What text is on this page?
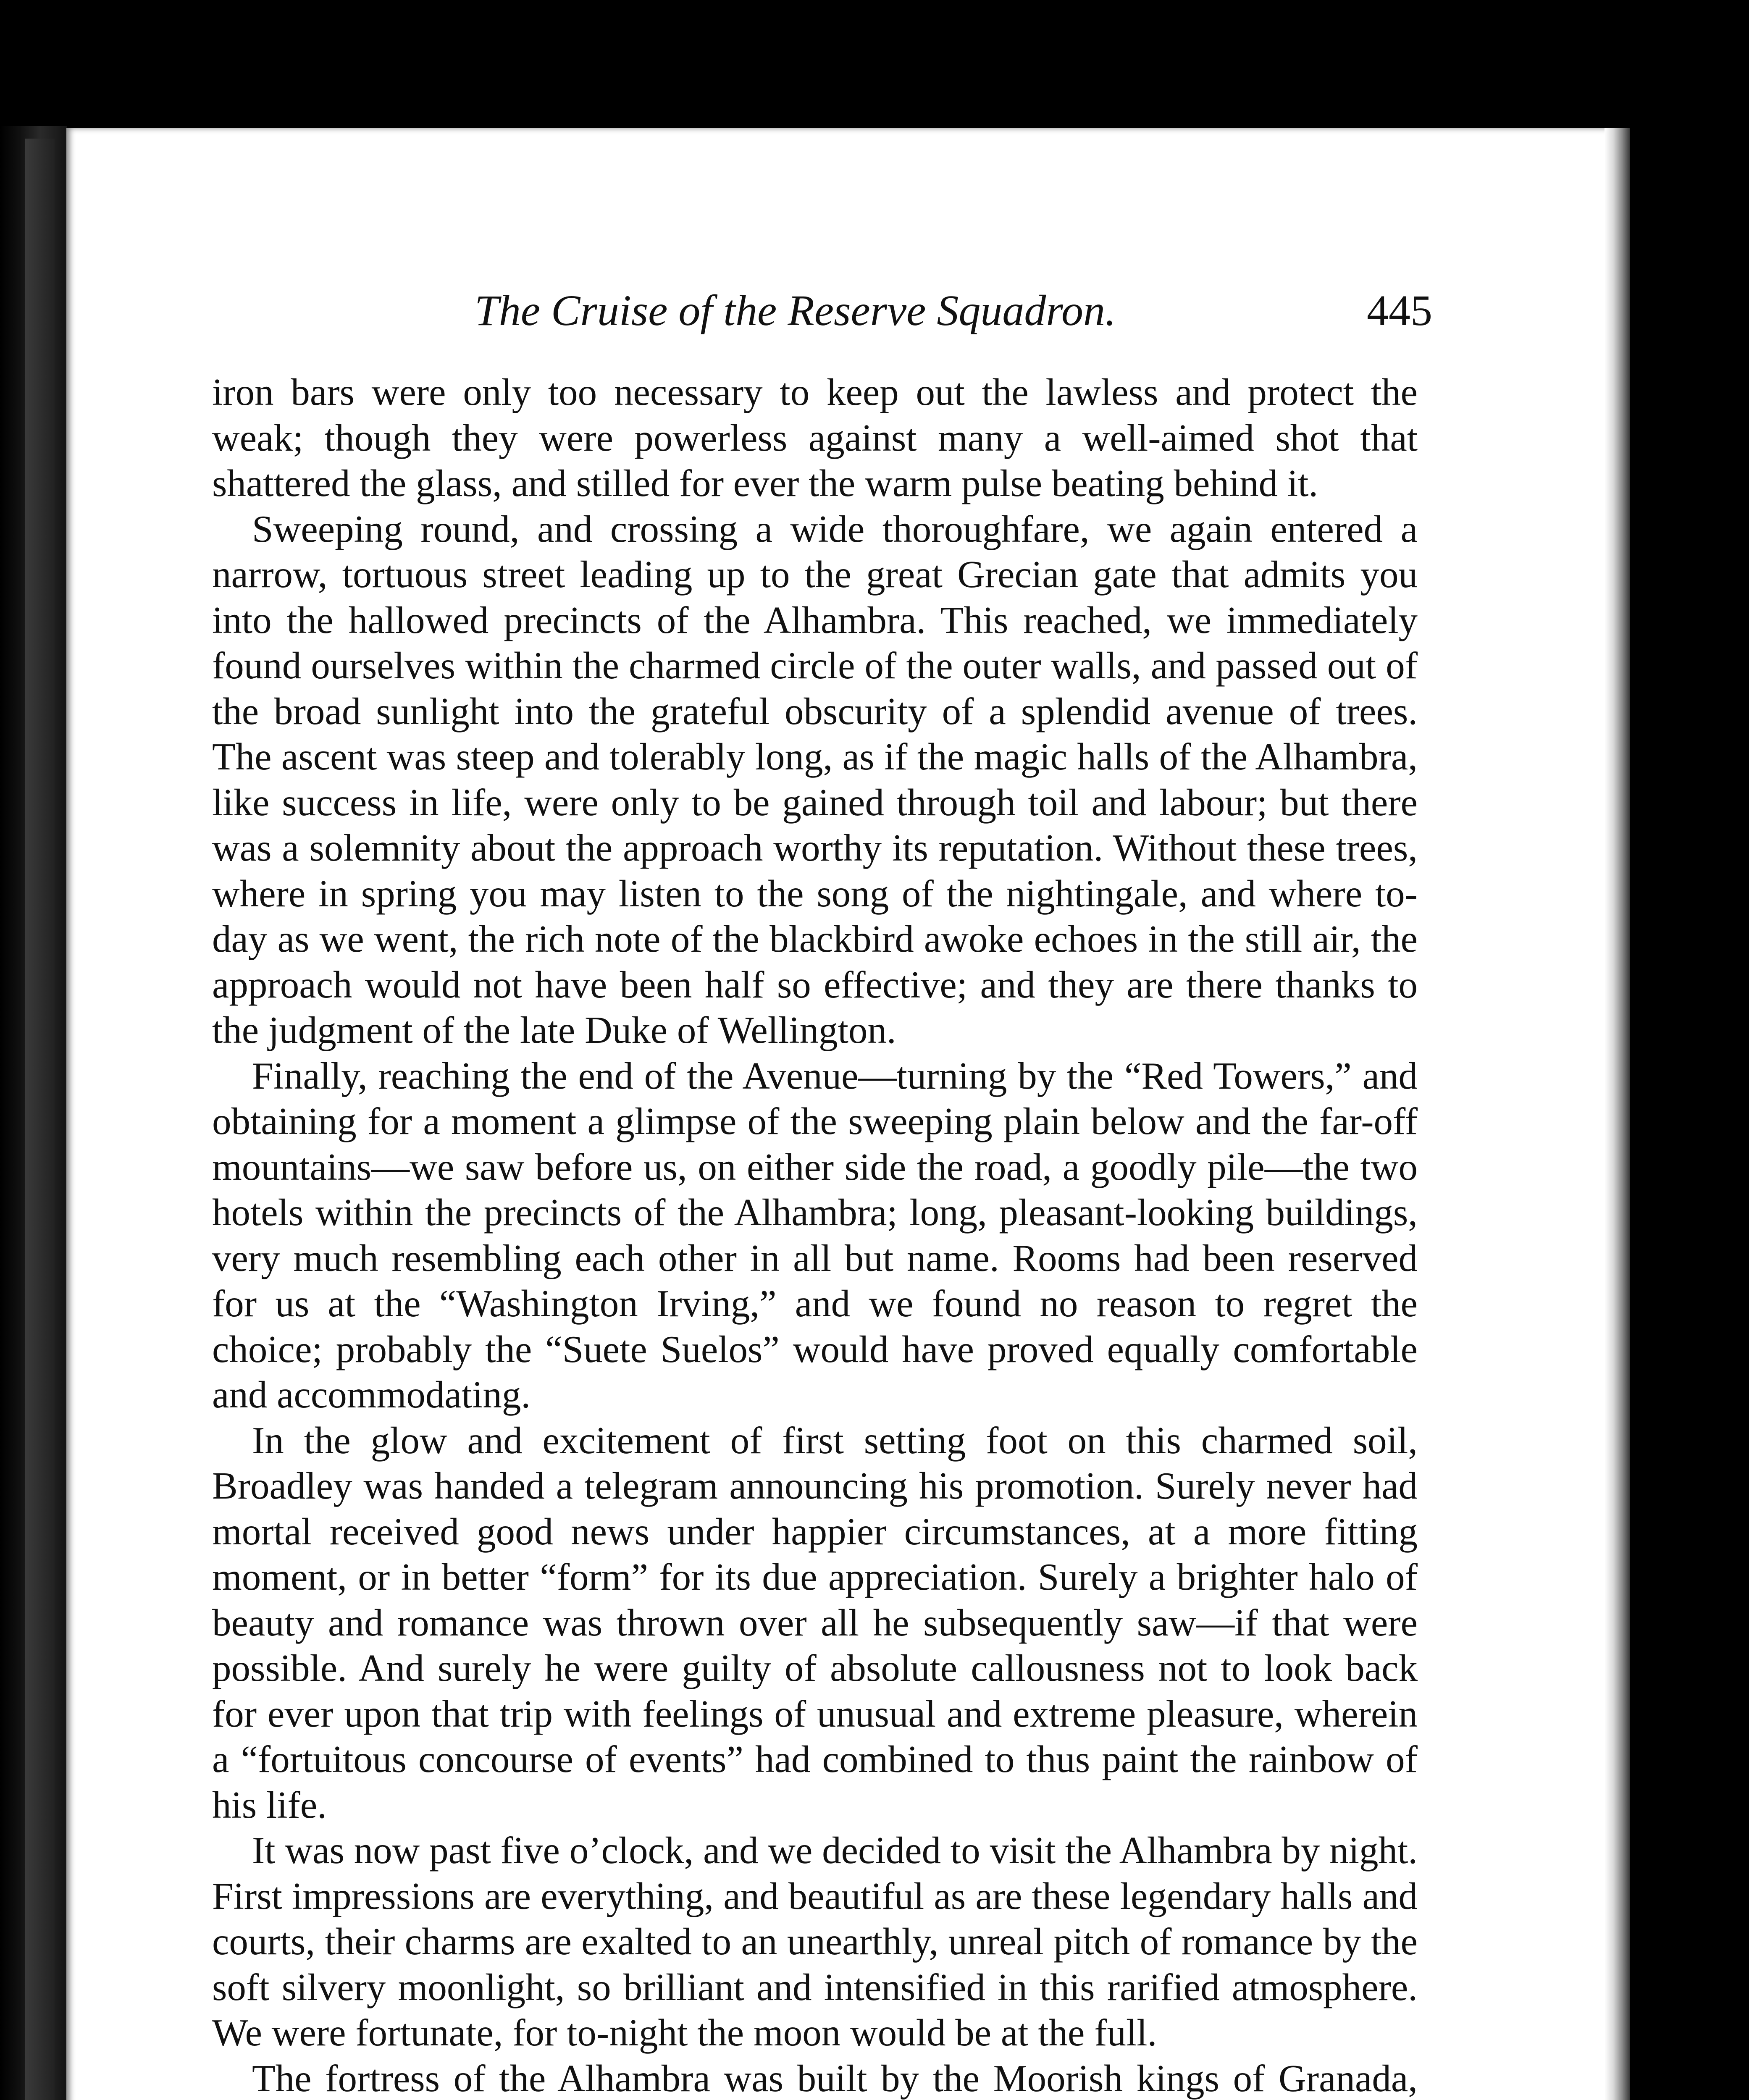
The Cruise of the Reserve Squadron.	445

iron bars were only too necessary to keep out the lawless and protect the weak; though they were powerless against many a well-aimed shot that shattered the glass, and stilled for ever the warm pulse beating behind it.

Sweeping round, and crossing a wide thoroughfare, we again entered a narrow, tortuous street leading up to the great Grecian gate that admits you into the hallowed precincts of the Alhambra. This reached, we immediately found ourselves within the charmed circle of the outer walls, and passed out of the broad sunlight into the grateful obscurity of a splendid avenue of trees. The ascent was steep and tolerably long, as if the magic halls of the Alhambra, like success in life, were only to be gained through toil and labour; but there was a solemnity about the approach worthy its reputation. Without these trees, where in spring you may listen to the song of the nightingale, and where to-day as we went, the rich note of the blackbird awoke echoes in the still air, the approach would not have been half so effective; and they are there thanks to the judgment of the late Duke of Wellington.

Finally, reaching the end of the Avenue—turning by the “Red Towers,” and obtaining for a moment a glimpse of the sweeping plain below and the far-off mountains—we saw before us, on either side the road, a goodly pile—the two hotels within the precincts of the Alhambra; long, pleasant-looking buildings, very much resembling each other in all but name. Rooms had been reserved for us at the “Washington Irving,” and we found no reason to regret the choice; probably the “Suete Suelos” would have proved equally comfortable and accommodating.

In the glow and excitement of first setting foot on this charmed soil, Broadley was handed a telegram announcing his promotion. Surely never had mortal received good news under happier circumstances, at a more fitting moment, or in better “form” for its due appreciation. Surely a brighter halo of beauty and romance was thrown over all he subsequently saw—if that were possible. And surely he were guilty of absolute callousness not to look back for ever upon that trip with feelings of unusual and extreme pleasure, wherein a “fortuitous concourse of events” had combined to thus paint the rainbow of his life.

It was now past five o’clock, and we decided to visit the Alhambra by night. First impressions are everything, and beautiful as are these legendary halls and courts, their charms are exalted to an unearthly, unreal pitch of romance by the soft silvery moonlight, so brilliant and intensified in this rarified atmosphere. We were fortunate, for to-night the moon would be at the full.

The fortress of the Alhambra was built by the Moorish kings of Granada,
